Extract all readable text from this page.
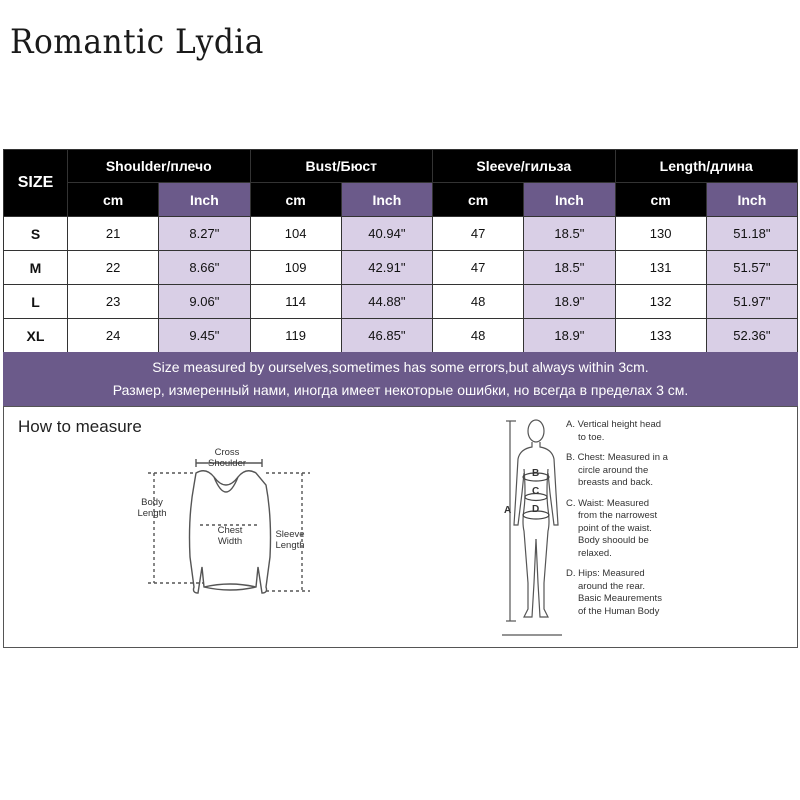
Romantic Lydia
SIZE	Shoulder/плечо		Bust/Бюст		Sleeve/гильза		Length/длина	
	cm	Inch	cm	Inch	cm	Inch	cm	Inch
S	21	8.27"	104	40.94"	47	18.5"	130	51.18"
M	22	8.66"	109	42.91"	47	18.5"	131	51.57"
L	23	9.06"	114	44.88"	48	18.9"	132	51.97"
XL	24	9.45"	119	46.85"	48	18.9"	133	52.36"
Size measured by ourselves,sometimes has some errors,but always within 3cm.
Размер, измеренный нами, иногда имеет некоторые ошибки, но всегда в пределах 3 см.
How to measure
Cross
Shoulder
Body
Length
Chest
Width
Sleeve
Length
A
B
C
D

A. Vertical height head

to toe.

B. Chest: Measured in a

circle around the
breasts and back.

C. Waist: Measured

from the narrowest
point of the waist.
Body shoould be
relaxed.

D. Hips: Measured

around the rear.
Basic Meaurements
of the Human Body
